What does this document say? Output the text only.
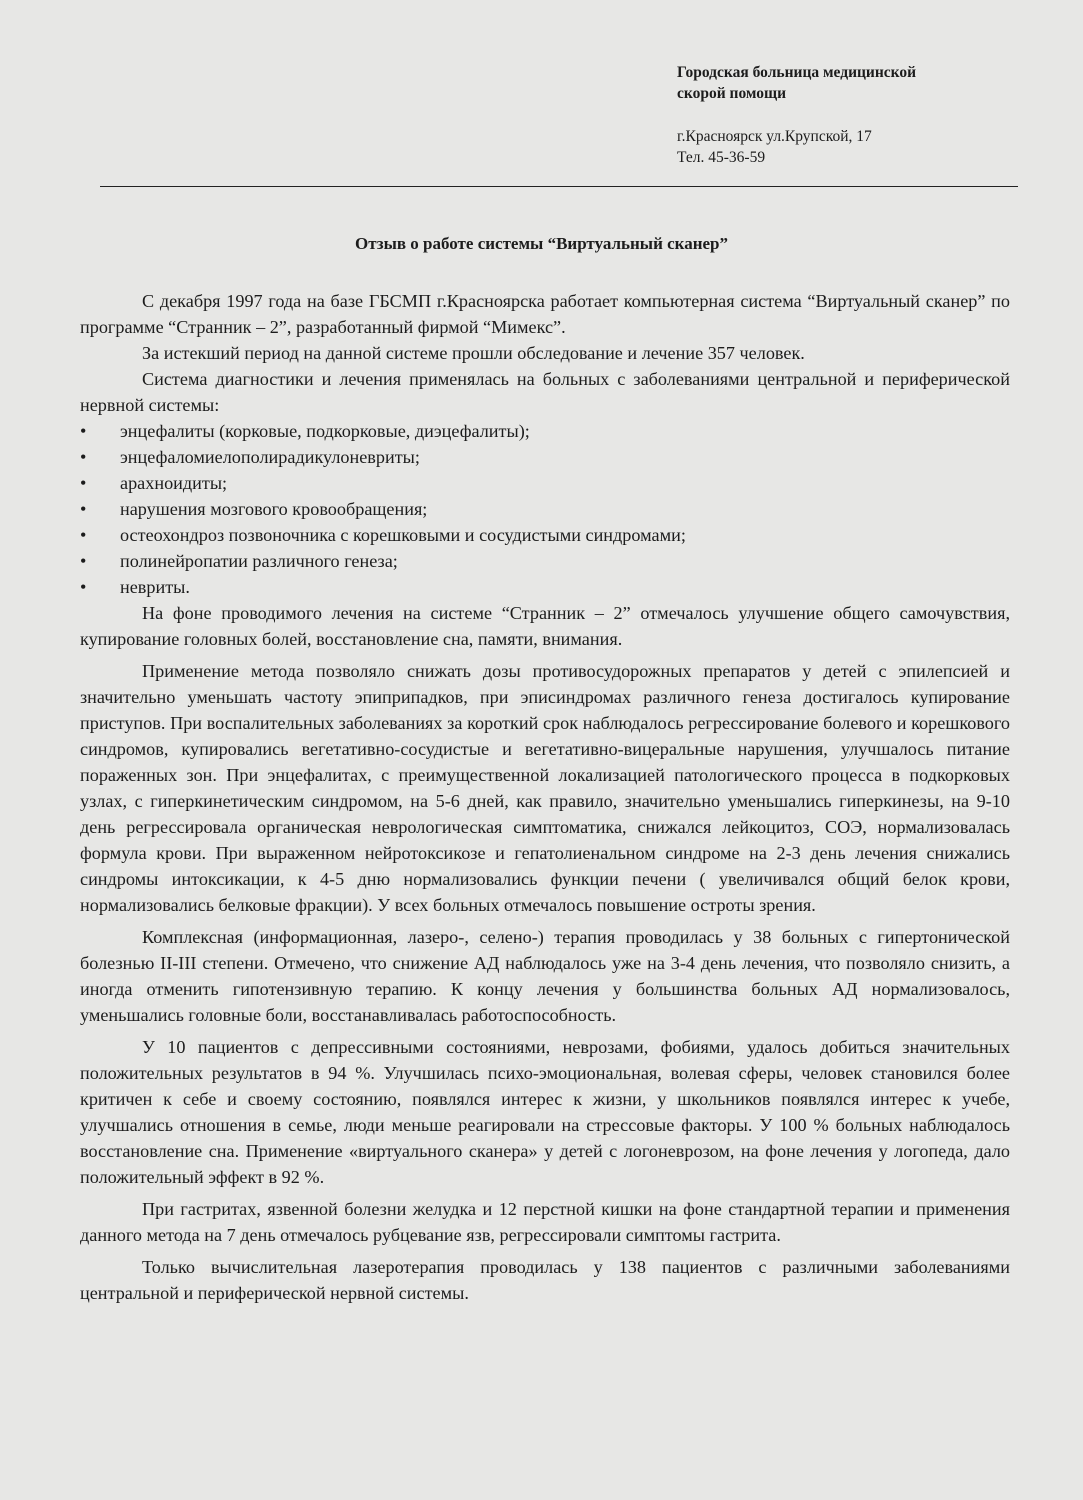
Городская больница медицинской
скорой помощи
г.Красноярск ул.Крупской, 17
Тел. 45-36-59
Отзыв о работе системы “Виртуальный сканер”

С декабря 1997 года на базе ГБСМП г.Красноярска работает компьютерная система “Виртуальный сканер” по программе “Странник – 2”, разработанный фирмой “Мимекс”.

За истекший период на данной системе прошли обследование и лечение 357 человек.

Система диагностики и лечения применялась на больных с заболеваниями центральной и периферической нервной системы:

•	энцефалиты (корковые, подкорковые, диэцефалиты);
•	энцефаломиелополирадикулоневриты;
•	арахноидиты;
•	нарушения мозгового кровообращения;
•	остеохондроз позвоночника с корешковыми и сосудистыми синдромами;
•	полинейропатии различного генеза;
•	невриты.

На фоне проводимого лечения на системе “Странник – 2” отмечалось улучшение общего самочувствия, купирование головных болей, восстановление сна, памяти, внимания.

Применение метода позволяло снижать дозы противосудорожных препаратов у детей с эпилепсией и значительно уменьшать частоту эпиприпадков, при эписиндромах различного генеза достигалось купирование приступов. При воспалительных заболеваниях за короткий срок наблюдалось регрессирование болевого и корешкового синдромов, купировались вегетативно-сосудистые и вегетативно-вицеральные нарушения, улучшалось питание пораженных зон. При энцефалитах, с преимущественной локализацией патологического процесса в подкорковых узлах, с гиперкинетическим синдромом, на 5-6 дней, как правило, значительно уменьшались гиперкинезы, на 9-10 день регрессировала органическая неврологическая симптоматика, снижался лейкоцитоз, СОЭ, нормализовалась формула крови. При выраженном нейротоксикозе и гепатолиенальном синдроме на 2-3 день лечения снижались синдромы интоксикации, к 4-5 дню нормализовались функции печени ( увеличивался общий белок крови, нормализовались белковые фракции). У всех больных отмечалось повышение остроты зрения.

Комплексная (информационная, лазеро-, селено-) терапия проводилась у 38 больных с гипертонической болезнью II-III степени. Отмечено, что снижение АД наблюдалось уже на 3-4 день лечения, что позволяло снизить, а иногда отменить гипотензивную терапию. К концу лечения у большинства больных АД нормализовалось, уменьшались головные боли, восстанавливалась работоспособность.

У 10 пациентов с депрессивными состояниями, неврозами, фобиями, удалось добиться значительных положительных результатов в 94 %. Улучшилась психо-эмоциональная, волевая сферы, человек становился более критичен к себе и своему состоянию, появлялся интерес к жизни, у школьников появлялся интерес к учебе, улучшались отношения в семье, люди меньше реагировали на стрессовые факторы. У 100 % больных наблюдалось восстановление сна. Применение «виртуального сканера» у детей с логоневрозом, на фоне лечения у логопеда, дало положительный эффект в 92 %.

При гастритах, язвенной болезни желудка и 12 перстной кишки на фоне стандартной терапии и применения данного метода на 7 день отмечалось рубцевание язв, регрессировали симптомы гастрита.

Только вычислительная лазеротерапия проводилась у 138 пациентов с различными заболеваниями центральной и периферической нервной системы.
